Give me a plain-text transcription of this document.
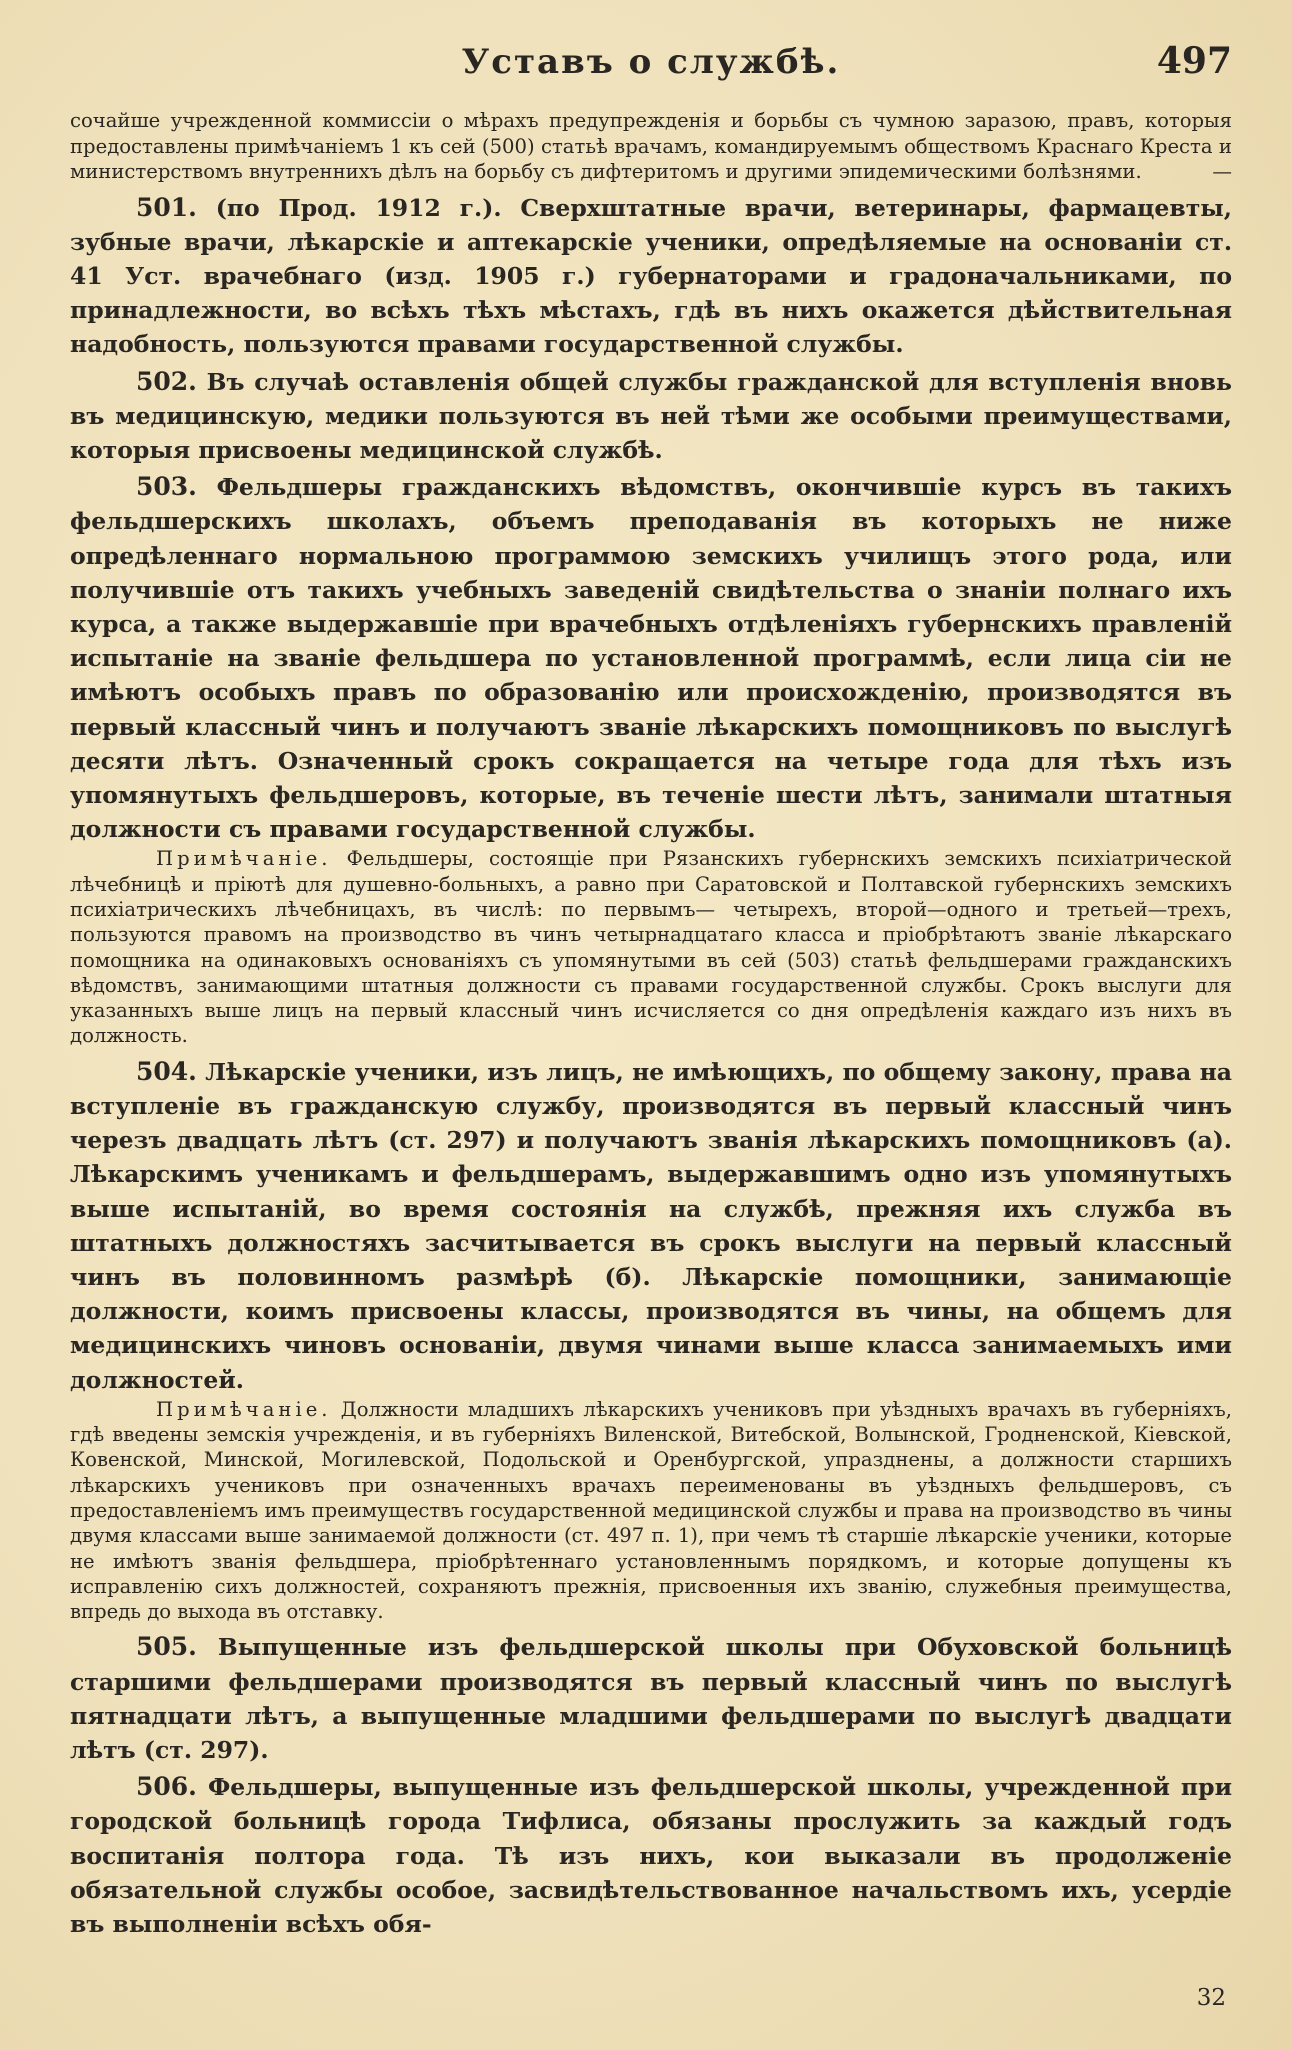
Уставъ о службѣ.	497

сочайше учрежденной коммиссіи о мѣрахъ предупрежденія и борьбы съ чумною заразою, правъ, которыя предоставлены примѣчаніемъ 1 къ сей (500) статьѣ врачамъ, командируемымъ обществомъ Краснаго Креста и министерствомъ внутреннихъ дѣлъ на борьбу съ дифтеритомъ и другими эпидемическими болѣзнями.	—

501. (по Прод. 1912 г.). Сверхштатные врачи, ветеринары, фармацевты, зубные врачи, лѣкарскіе и аптекарскіе ученики, опредѣляемые на основаніи ст. 41 Уст. врачебнаго (изд. 1905 г.) губернаторами и градоначальниками, по принадлежности, во всѣхъ тѣхъ мѣстахъ, гдѣ въ нихъ окажется дѣйствительная надобность, пользуются правами государственной службы.

502. Въ случаѣ оставленія общей службы гражданской для вступленія вновь въ медицинскую, медики пользуются въ ней тѣми же особыми преимуществами, которыя присвоены медицинской службѣ.

503. Фельдшеры гражданскихъ вѣдомствъ, окончившіе курсъ въ такихъ фельдшерскихъ школахъ, объемъ преподаванія въ которыхъ не ниже опредѣленнаго нормальною программою земскихъ училищъ этого рода, или получившіе отъ такихъ учебныхъ заведеній свидѣтельства о знаніи полнаго ихъ курса, а также выдержавшіе при врачебныхъ отдѣленіяхъ губернскихъ правленій испытаніе на званіе фельдшера по установленной программѣ, если лица сіи не имѣютъ особыхъ правъ по образованію или происхожденію, производятся въ первый классный чинъ и получаютъ званіе лѣкарскихъ помощниковъ по выслугѣ десяти лѣтъ. Означенный срокъ сокращается на четыре года для тѣхъ изъ упомянутыхъ фельдшеровъ, которые, въ теченіе шести лѣтъ, занимали штатныя должности съ правами государственной службы.

Примѣчаніе. Фельдшеры, состоящіе при Рязанскихъ губернскихъ земскихъ психіатрической лѣчебницѣ и пріютѣ для душевно-больныхъ, а равно при Саратовской и Полтавской губернскихъ земскихъ психіатрическихъ лѣчебницахъ, въ числѣ: по первымъ— четырехъ, второй—одного и третьей—трехъ, пользуются правомъ на производство въ чинъ четырнадцатаго класса и пріобрѣтаютъ званіе лѣкарскаго помощника на одинаковыхъ основаніяхъ съ упомянутыми въ сей (503) статьѣ фельдшерами гражданскихъ вѣдомствъ, занимающими штатныя должности съ правами государственной службы. Срокъ выслуги для указанныхъ выше лицъ на первый классный чинъ исчисляется со дня опредѣленія каждаго изъ нихъ въ должность.

504. Лѣкарскіе ученики, изъ лицъ, не имѣющихъ, по общему закону, права на вступленіе въ гражданскую службу, производятся въ первый классный чинъ черезъ двадцать лѣтъ (ст. 297) и получаютъ званія лѣкарскихъ помощниковъ (а). Лѣкарскимъ ученикамъ и фельдшерамъ, выдержавшимъ одно изъ упомянутыхъ выше испытаній, во время состоянія на службѣ, прежняя ихъ служба въ штатныхъ должностяхъ засчитывается въ срокъ выслуги на первый классный чинъ въ половинномъ размѣрѣ (б). Лѣкарскіе помощники, занимающіе должности, коимъ присвоены классы, производятся въ чины, на общемъ для медицинскихъ чиновъ основаніи, двумя чинами выше класса занимаемыхъ ими должностей.

Примѣчаніе. Должности младшихъ лѣкарскихъ учениковъ при уѣздныхъ врачахъ въ губерніяхъ, гдѣ введены земскія учрежденія, и въ губерніяхъ Виленской, Витебской, Волынской, Гродненской, Кіевской, Ковенской, Минской, Могилевской, Подольской и Оренбургской, упразднены, а должности старшихъ лѣкарскихъ учениковъ при означенныхъ врачахъ переименованы въ уѣздныхъ фельдшеровъ, съ предоставленіемъ имъ преимуществъ государственной медицинской службы и права на производство въ чины двумя классами выше занимаемой должности (ст. 497 п. 1), при чемъ тѣ старшіе лѣкарскіе ученики, которые не имѣютъ званія фельдшера, пріобрѣтеннаго установленнымъ порядкомъ, и которые допущены къ исправленію сихъ должностей, сохраняютъ прежнія, присвоенныя ихъ званію, служебныя преимущества, впредь до выхода въ отставку.

505. Выпущенные изъ фельдшерской школы при Обуховской больницѣ старшими фельдшерами производятся въ первый классный чинъ по выслугѣ пятнадцати лѣтъ, а выпущенные младшими фельдшерами по выслугѣ двадцати лѣтъ (ст. 297).

506. Фельдшеры, выпущенные изъ фельдшерской школы, учрежденной при городской больницѣ города Тифлиса, обязаны прослужить за каждый годъ воспитанія полтора года. Тѣ изъ нихъ, кои выказали въ продолженіе обязательной службы особое, засвидѣтельствованное начальствомъ ихъ, усердіе въ выполненіи всѣхъ обя-

32
